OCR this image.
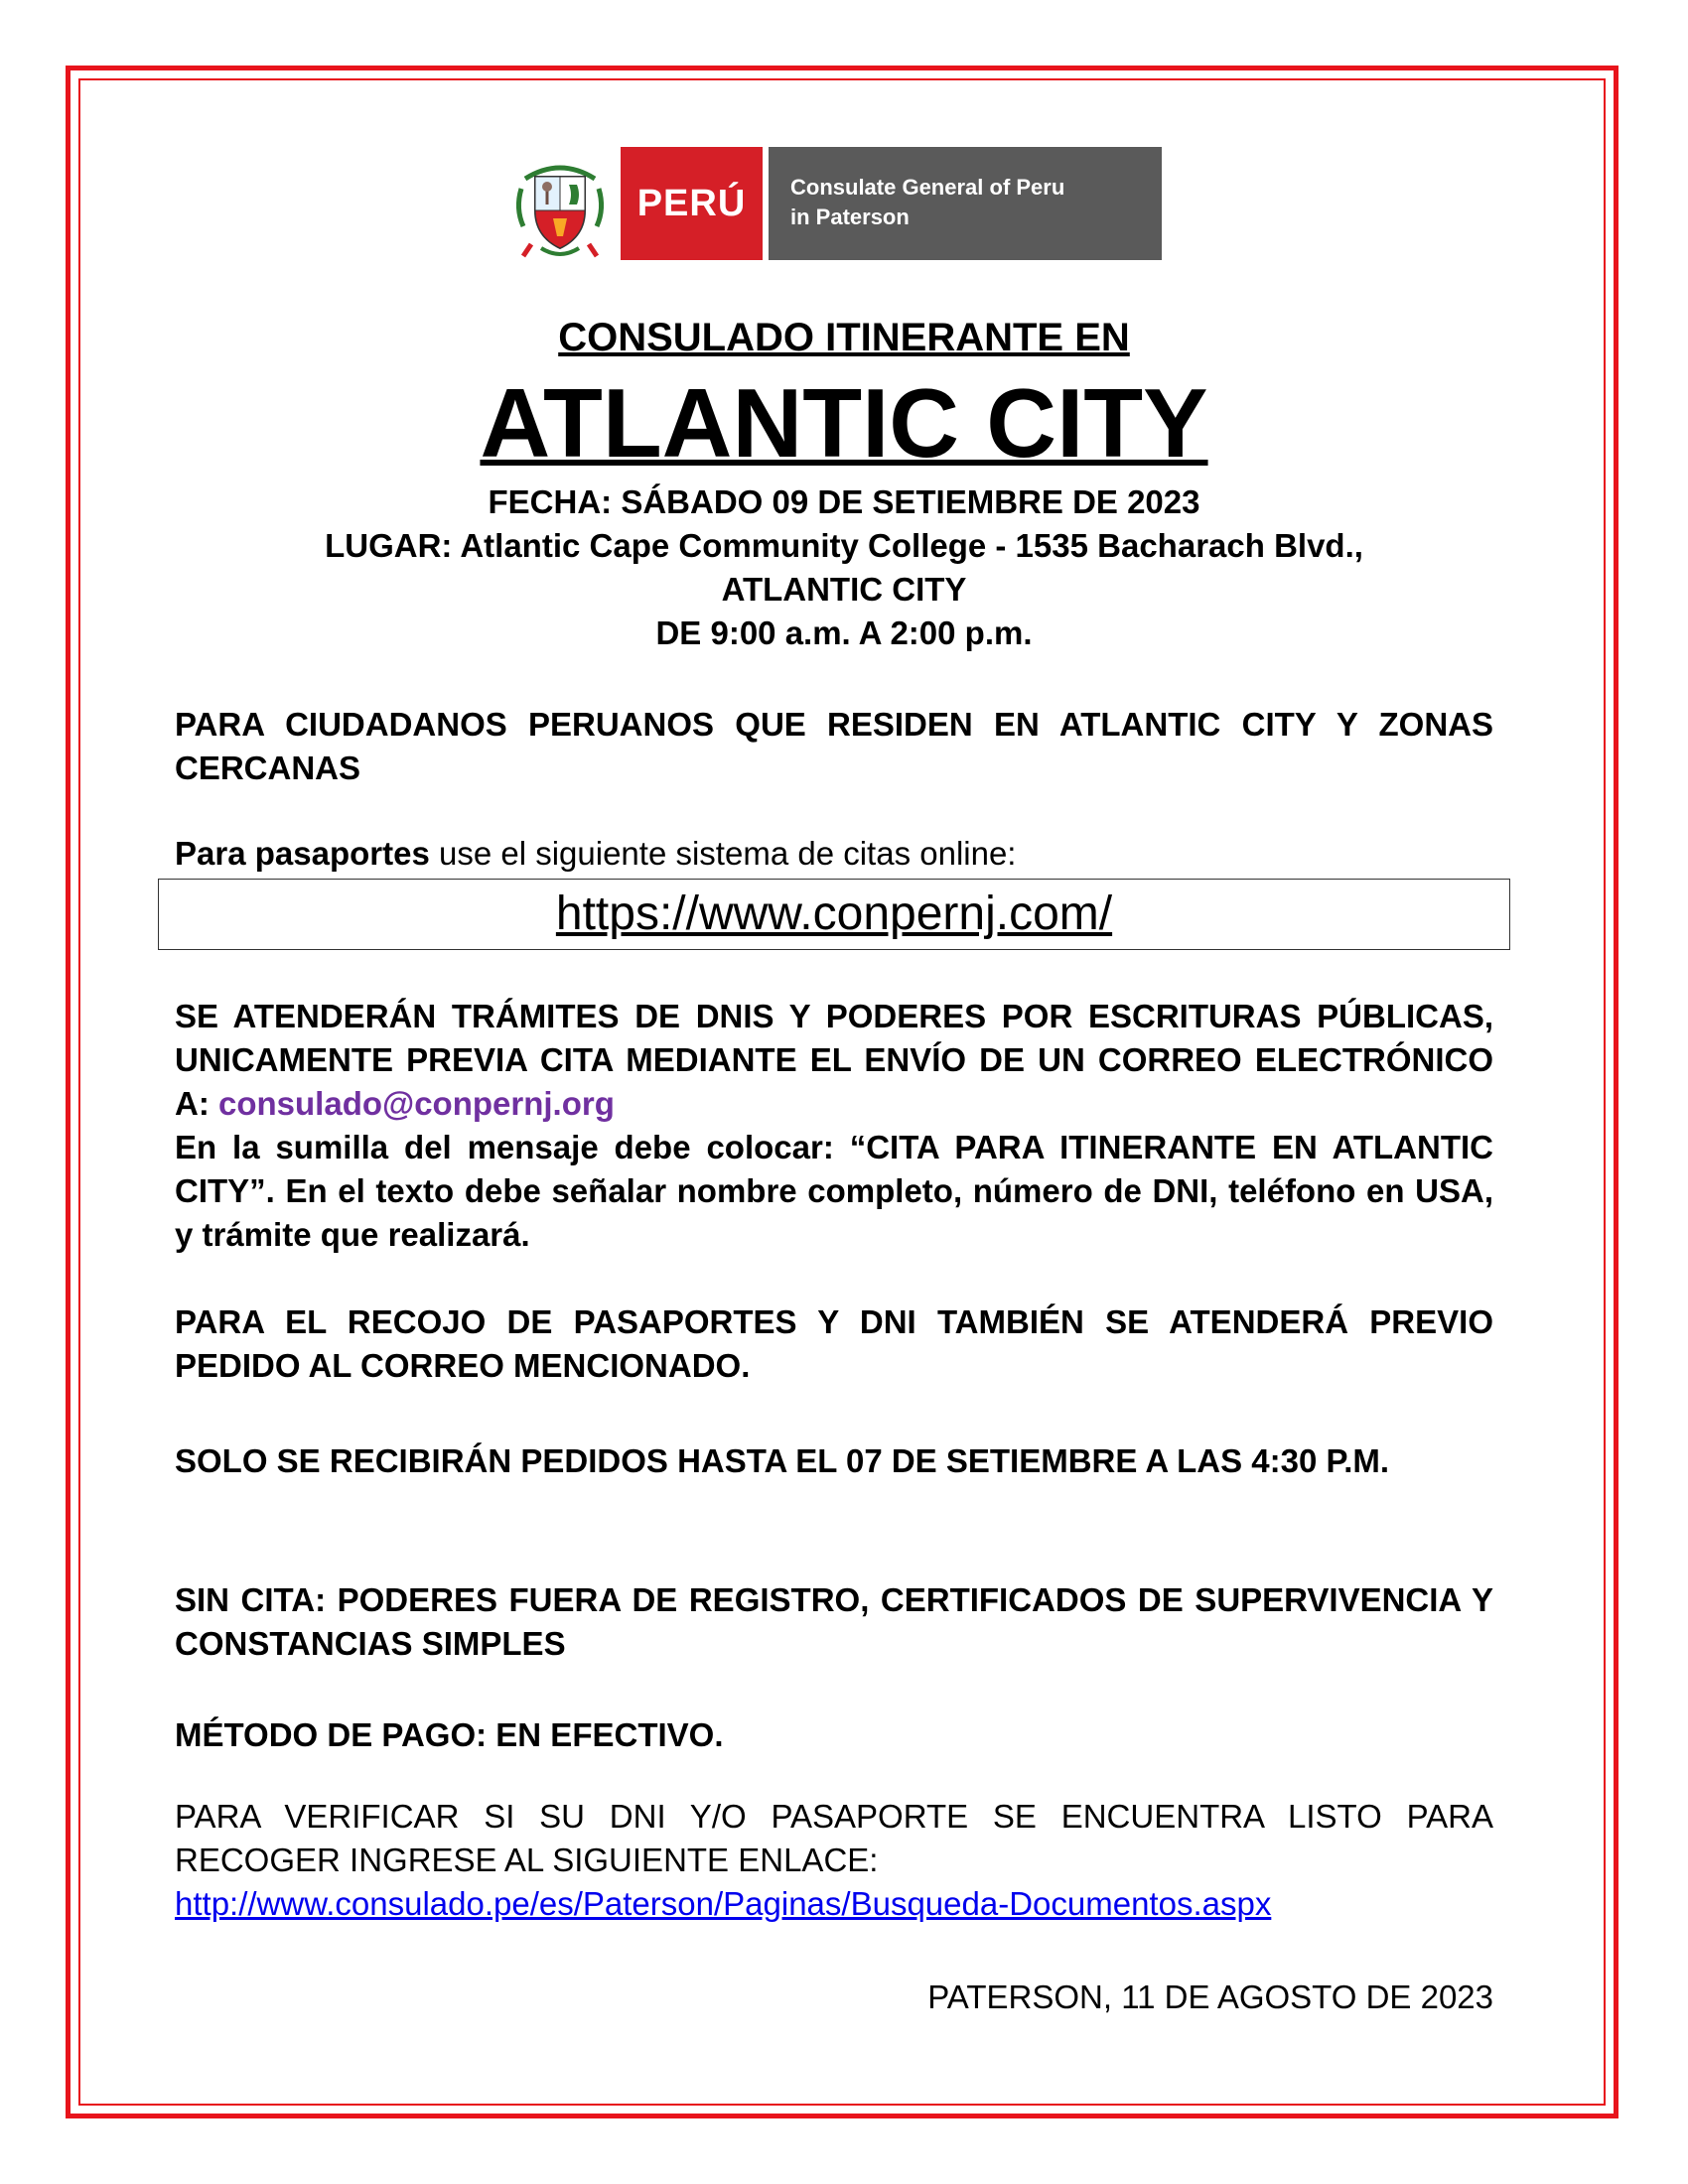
PERÚ Consulate General of Peru
in Paterson
CONSULADO ITINERANTE EN
ATLANTIC CITY
FECHA: SÁBADO 09 DE SETIEMBRE DE 2023
LUGAR: Atlantic Cape Community College - 1535 Bacharach Blvd.,
ATLANTIC CITY
DE 9:00 a.m. A 2:00 p.m.
PARA CIUDADANOS PERUANOS QUE RESIDEN EN ATLANTIC CITY Y ZONAS CERCANAS
Para pasaportes use el siguiente sistema de citas online:
https://www.conpernj.com/
SE ATENDERÁN TRÁMITES DE DNIS Y PODERES POR ESCRITURAS PÚBLICAS, UNICAMENTE PREVIA CITA MEDIANTE EL ENVÍO DE UN CORREO ELECTRÓNICO A: consulado@conpernj.org
En la sumilla del mensaje debe colocar: “CITA PARA ITINERANTE EN ATLANTIC CITY”. En el texto debe señalar nombre completo, número de DNI, teléfono en USA, y trámite que realizará.
PARA EL RECOJO DE PASAPORTES Y DNI TAMBIÉN SE ATENDERÁ PREVIO PEDIDO AL CORREO MENCIONADO.
SOLO SE RECIBIRÁN PEDIDOS HASTA EL 07 DE SETIEMBRE A LAS 4:30 P.M.
SIN CITA: PODERES FUERA DE REGISTRO, CERTIFICADOS DE SUPERVIVENCIA Y CONSTANCIAS SIMPLES
MÉTODO DE PAGO: EN EFECTIVO.
PARA VERIFICAR SI SU DNI Y/O PASAPORTE SE ENCUENTRA LISTO PARA RECOGER INGRESE AL SIGUIENTE ENLACE:
http://www.consulado.pe/es/Paterson/Paginas/Busqueda-Documentos.aspx
PATERSON, 11 DE AGOSTO DE 2023
